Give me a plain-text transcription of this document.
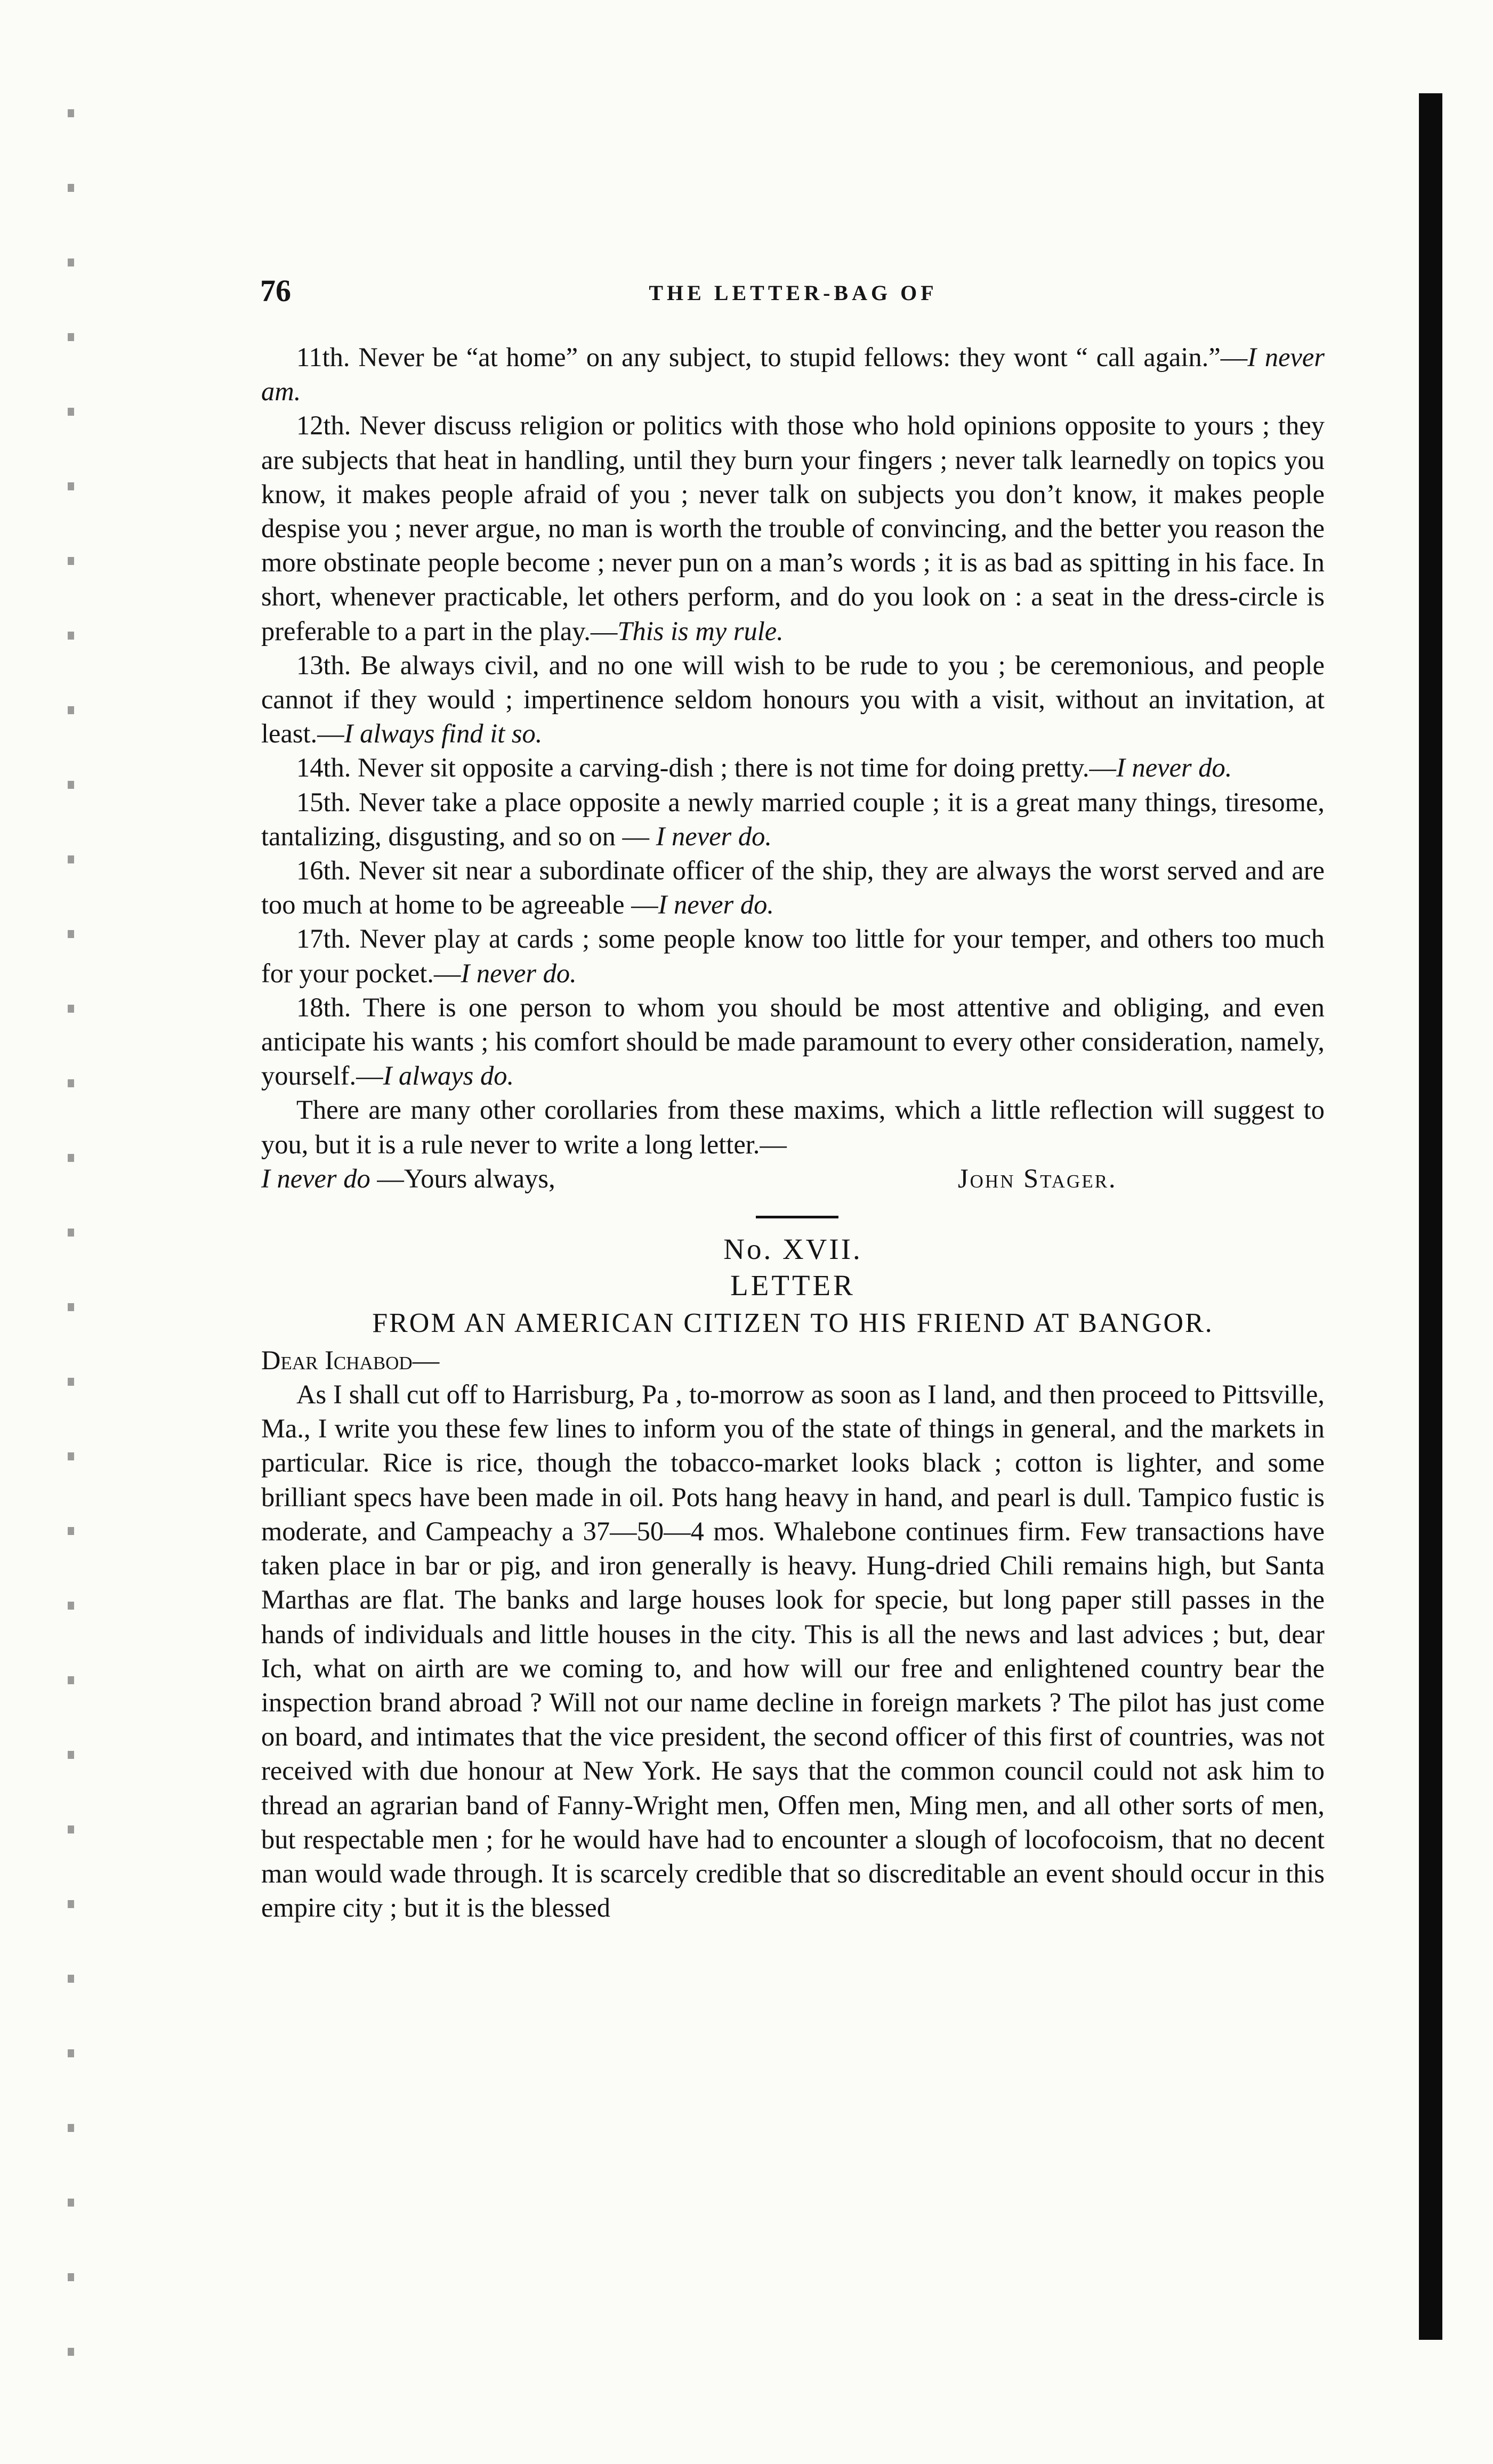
76	THE LETTER-BAG OF

11th. Never be “at home” on any subject, to stupid fellows: they wont “ call again.”—I never am.

12th. Never discuss religion or politics with those who hold opinions opposite to yours ; they are subjects that heat in handling, until they burn your fingers ; never talk learnedly on topics you know, it makes people afraid of you ; never talk on subjects you don’t know, it makes people despise you ; never argue, no man is worth the trouble of convincing, and the better you reason the more obstinate people become ; never pun on a man’s words ; it is as bad as spitting in his face. In short, whenever practicable, let others perform, and do you look on : a seat in the dress-circle is preferable to a part in the play.—This is my rule.

13th. Be always civil, and no one will wish to be rude to you ; be ceremonious, and people cannot if they would ; impertinence seldom honours you with a visit, without an invitation, at least.—I always find it so.

14th. Never sit opposite a carving-dish ; there is not time for doing pretty.—I never do.

15th. Never take a place opposite a newly married couple ; it is a great many things, tiresome, tantalizing, disgusting, and so on — I never do.

16th. Never sit near a subordinate officer of the ship, they are always the worst served and are too much at home to be agreeable —I never do.

17th. Never play at cards ; some people know too little for your temper, and others too much for your pocket.—I never do.

18th. There is one person to whom you should be most attentive and obliging, and even anticipate his wants ; his comfort should be made paramount to every other consideration, namely, yourself.—I always do.

There are many other corollaries from these maxims, which a little reflection will suggest to you, but it is a rule never to write a long letter.—

I never do —Yours always,	John Stager.
No. XVII.
LETTER
FROM AN AMERICAN CITIZEN TO HIS FRIEND AT BANGOR.
Dear Ichabod—

As I shall cut off to Harrisburg, Pa , to-morrow as soon as I land, and then proceed to Pittsville, Ma., I write you these few lines to inform you of the state of things in general, and the markets in particular. Rice is rice, though the tobacco-market looks black ; cotton is lighter, and some brilliant specs have been made in oil. Pots hang heavy in hand, and pearl is dull. Tampico fustic is moderate, and Campeachy a 37—50—4 mos. Whalebone continues firm. Few transactions have taken place in bar or pig, and iron generally is heavy. Hung-dried Chili remains high, but Santa Marthas are flat. The banks and large houses look for specie, but long paper still passes in the hands of individuals and little houses in the city. This is all the news and last advices ; but, dear Ich, what on airth are we coming to, and how will our free and enlightened country bear the inspection brand abroad ? Will not our name decline in foreign markets ? The pilot has just come on board, and intimates that the vice president, the second officer of this first of countries, was not received with due honour at New York. He says that the common council could not ask him to thread an agrarian band of Fanny-Wright men, Offen men, Ming men, and all other sorts of men, but respectable men ; for he would have had to encounter a slough of locofocoism, that no decent man would wade through. It is scarcely credible that so discreditable an event should occur in this empire city ; but it is the blessed
